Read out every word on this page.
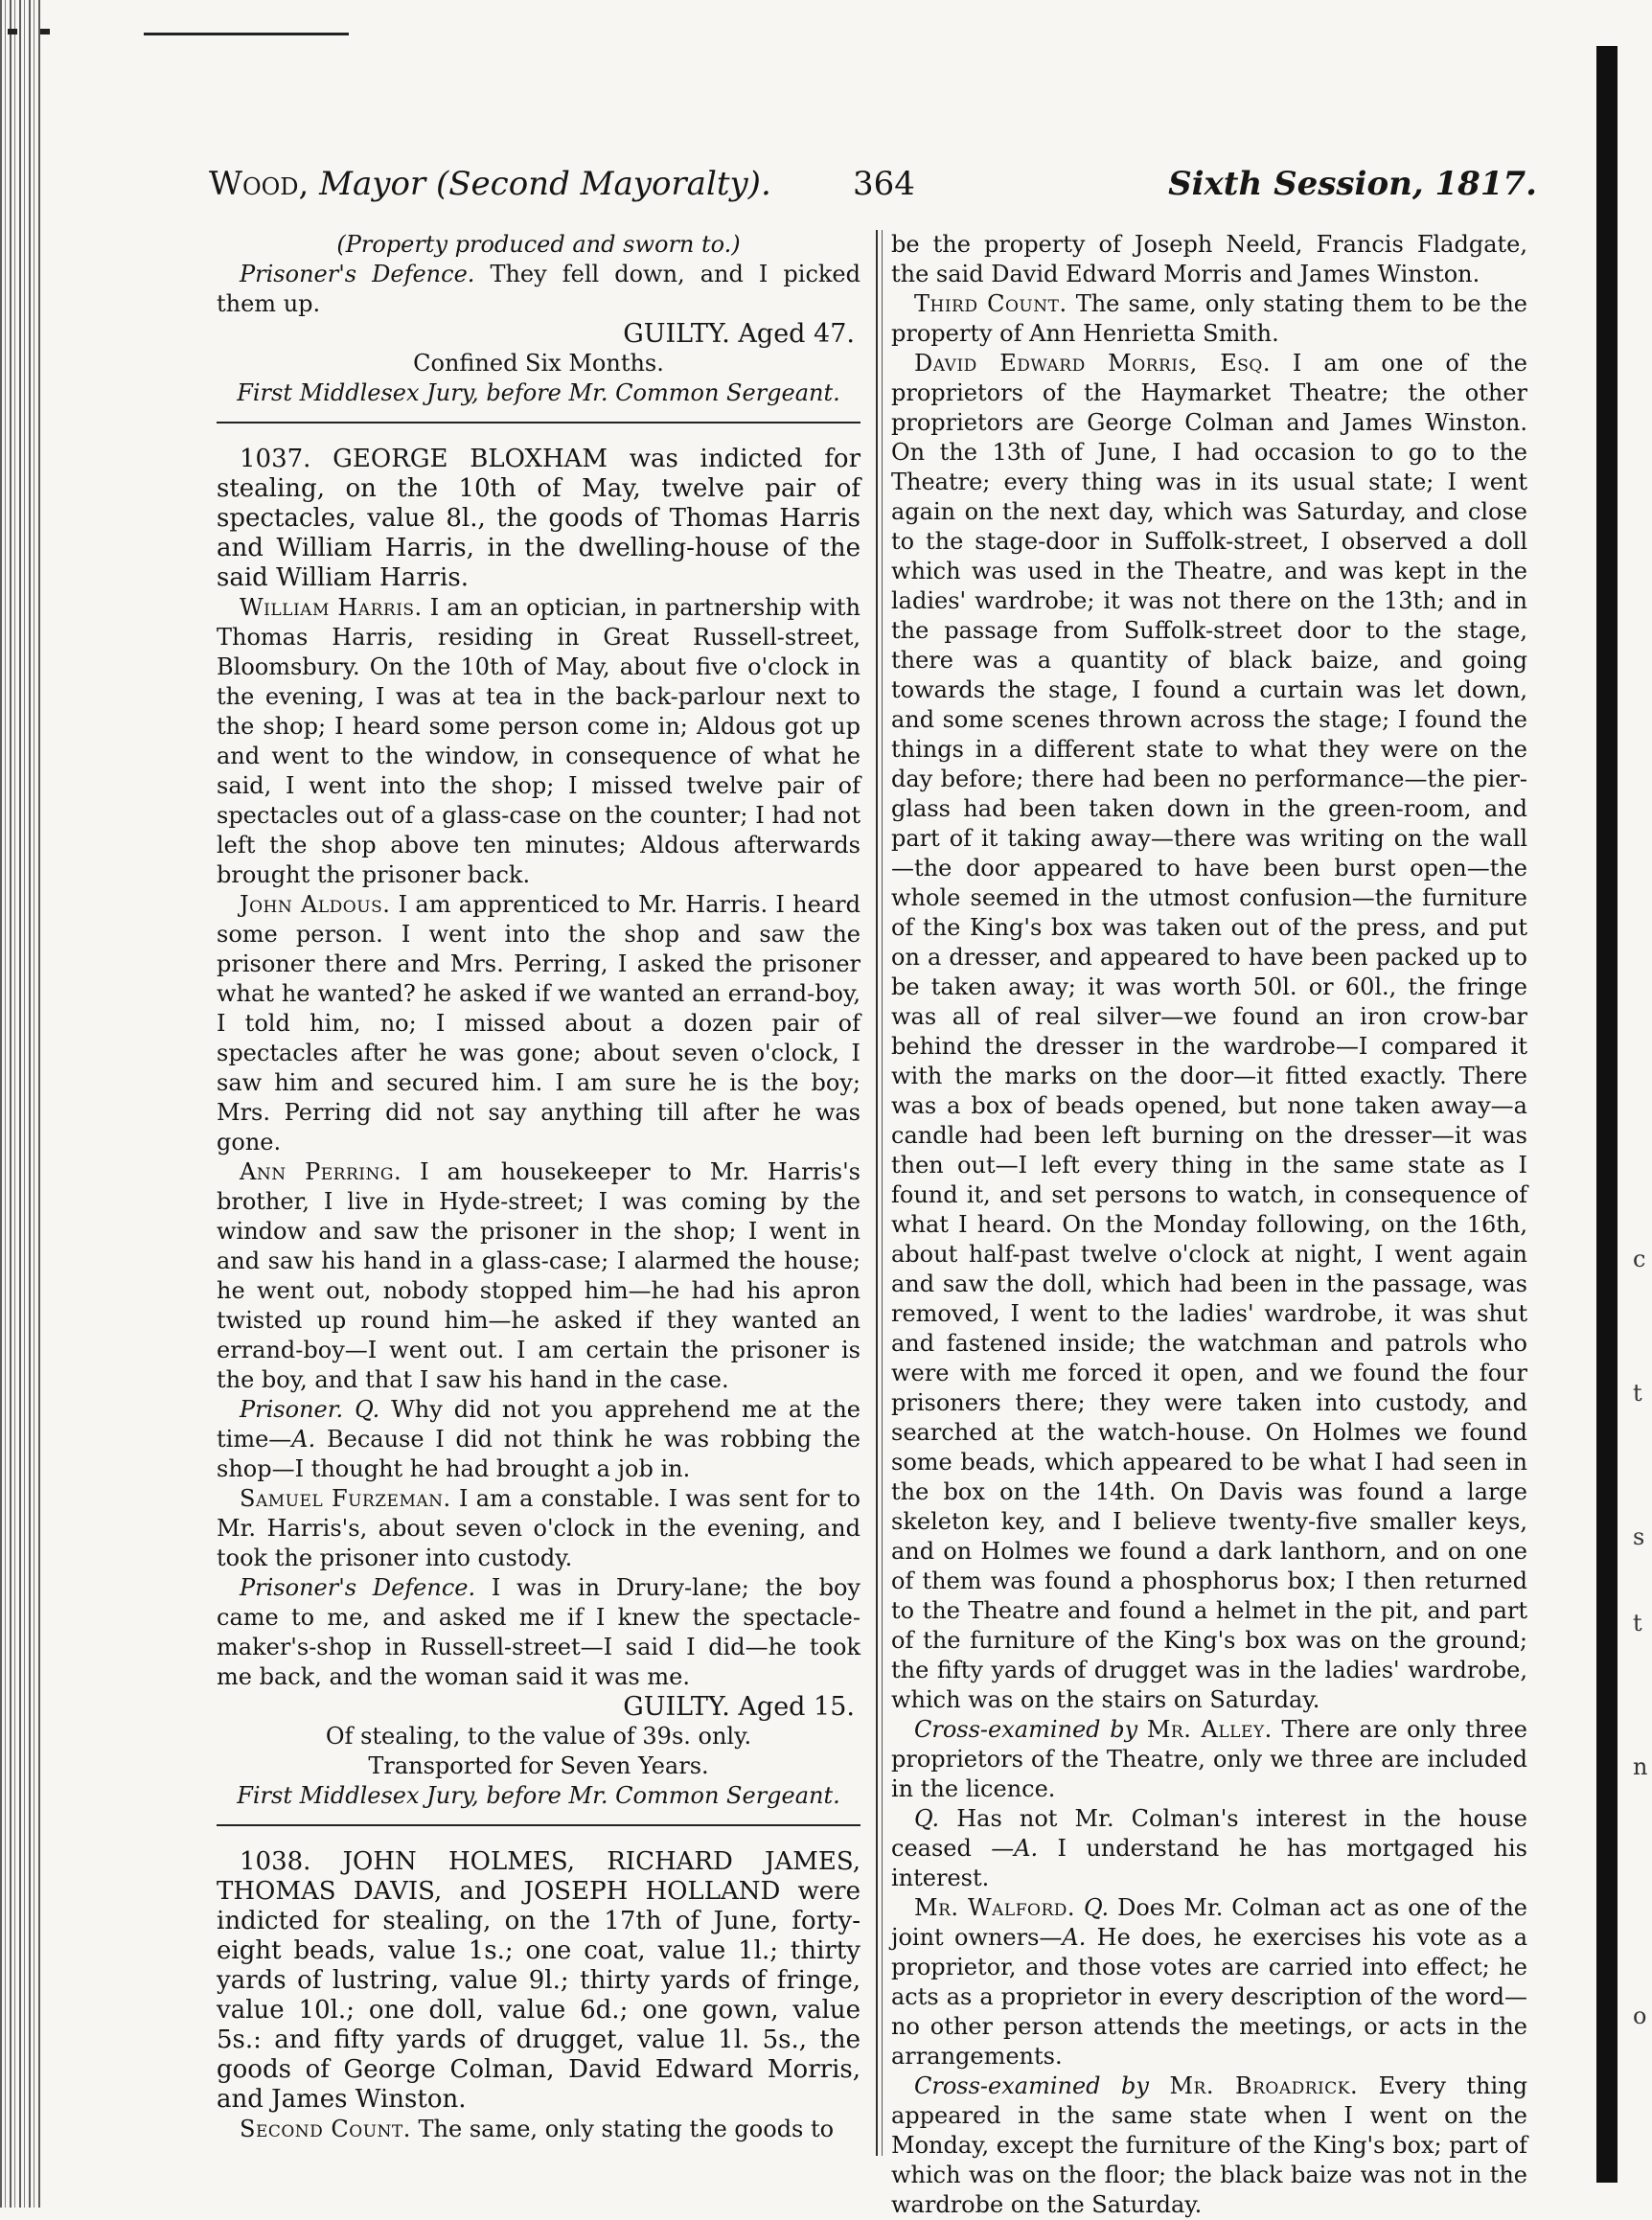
c
t
s
t
n
o
Wood, Mayor (Second Mayoralty).	364	Sixth Session, 1817.

(Property produced and sworn to.)

Prisoner's Defence. They fell down, and I picked them up.

GUILTY. Aged 47.

Confined Six Months.

First Middlesex Jury, before Mr. Common Sergeant.

1037. GEORGE BLOXHAM was indicted for stealing, on the 10th of May, twelve pair of spectacles, value 8l., the goods of Thomas Harris and William Harris, in the dwelling-house of the said William Harris.

William Harris. I am an optician, in partnership with Thomas Harris, residing in Great Russell-street, Bloomsbury. On the 10th of May, about five o'clock in the evening, I was at tea in the back-parlour next to the shop; I heard some person come in; Aldous got up and went to the window, in consequence of what he said, I went into the shop; I missed twelve pair of spectacles out of a glass-case on the counter; I had not left the shop above ten minutes; Aldous afterwards brought the prisoner back.

John Aldous. I am apprenticed to Mr. Harris. I heard some person. I went into the shop and saw the prisoner there and Mrs. Perring, I asked the prisoner what he wanted? he asked if we wanted an errand-boy, I told him, no; I missed about a dozen pair of spectacles after he was gone; about seven o'clock, I saw him and secured him. I am sure he is the boy; Mrs. Perring did not say anything till after he was gone.

Ann Perring. I am housekeeper to Mr. Harris's brother, I live in Hyde-street; I was coming by the window and saw the prisoner in the shop; I went in and saw his hand in a glass-case; I alarmed the house; he went out, nobody stopped him—he had his apron twisted up round him—he asked if they wanted an errand-boy—I went out. I am certain the prisoner is the boy, and that I saw his hand in the case.

Prisoner. Q. Why did not you apprehend me at the time—A. Because I did not think he was robbing the shop—I thought he had brought a job in.

Samuel Furzeman. I am a constable. I was sent for to Mr. Harris's, about seven o'clock in the evening, and took the prisoner into custody.

Prisoner's Defence. I was in Drury-lane; the boy came to me, and asked me if I knew the spectacle-maker's-shop in Russell-street—I said I did—he took me back, and the woman said it was me.

GUILTY. Aged 15.

Of stealing, to the value of 39s. only.

Transported for Seven Years.

First Middlesex Jury, before Mr. Common Sergeant.

1038. JOHN HOLMES, RICHARD JAMES, THOMAS DAVIS, and JOSEPH HOLLAND were indicted for stealing, on the 17th of June, forty-eight beads, value 1s.; one coat, value 1l.; thirty yards of lustring, value 9l.; thirty yards of fringe, value 10l.; one doll, value 6d.; one gown, value 5s.: and fifty yards of drugget, value 1l. 5s., the goods of George Colman, David Edward Morris, and James Winston.

Second Count. The same, only stating the goods to

be the property of Joseph Neeld, Francis Fladgate, the said David Edward Morris and James Winston.

Third Count. The same, only stating them to be the property of Ann Henrietta Smith.

David Edward Morris, Esq. I am one of the proprietors of the Haymarket Theatre; the other proprietors are George Colman and James Winston. On the 13th of June, I had occasion to go to the Theatre; every thing was in its usual state; I went again on the next day, which was Saturday, and close to the stage-door in Suffolk-street, I observed a doll which was used in the Theatre, and was kept in the ladies' wardrobe; it was not there on the 13th; and in the passage from Suffolk-street door to the stage, there was a quantity of black baize, and going towards the stage, I found a curtain was let down, and some scenes thrown across the stage; I found the things in a different state to what they were on the day before; there had been no performance—the pier-glass had been taken down in the green-room, and part of it taking away—there was writing on the wall—the door appeared to have been burst open—the whole seemed in the utmost confusion—the furniture of the King's box was taken out of the press, and put on a dresser, and appeared to have been packed up to be taken away; it was worth 50l. or 60l., the fringe was all of real silver—we found an iron crow-bar behind the dresser in the wardrobe—I compared it with the marks on the door—it fitted exactly. There was a box of beads opened, but none taken away—a candle had been left burning on the dresser—it was then out—I left every thing in the same state as I found it, and set persons to watch, in consequence of what I heard. On the Monday following, on the 16th, about half-past twelve o'clock at night, I went again and saw the doll, which had been in the passage, was removed, I went to the ladies' wardrobe, it was shut and fastened inside; the watchman and patrols who were with me forced it open, and we found the four prisoners there; they were taken into custody, and searched at the watch-house. On Holmes we found some beads, which appeared to be what I had seen in the box on the 14th. On Davis was found a large skeleton key, and I believe twenty-five smaller keys, and on Holmes we found a dark lanthorn, and on one of them was found a phosphorus box; I then returned to the Theatre and found a helmet in the pit, and part of the furniture of the King's box was on the ground; the fifty yards of drugget was in the ladies' wardrobe, which was on the stairs on Saturday.

Cross-examined by Mr. Alley. There are only three proprietors of the Theatre, only we three are included in the licence.

Q. Has not Mr. Colman's interest in the house ceased —A. I understand he has mortgaged his interest.

Mr. Walford. Q. Does Mr. Colman act as one of the joint owners—A. He does, he exercises his vote as a proprietor, and those votes are carried into effect; he acts as a proprietor in every description of the word—no other person attends the meetings, or acts in the arrangements.

Cross-examined by Mr. Broadrick. Every thing appeared in the same state when I went on the Monday, except the furniture of the King's box; part of which was on the floor; the black baize was not in the wardrobe on the Saturday.
